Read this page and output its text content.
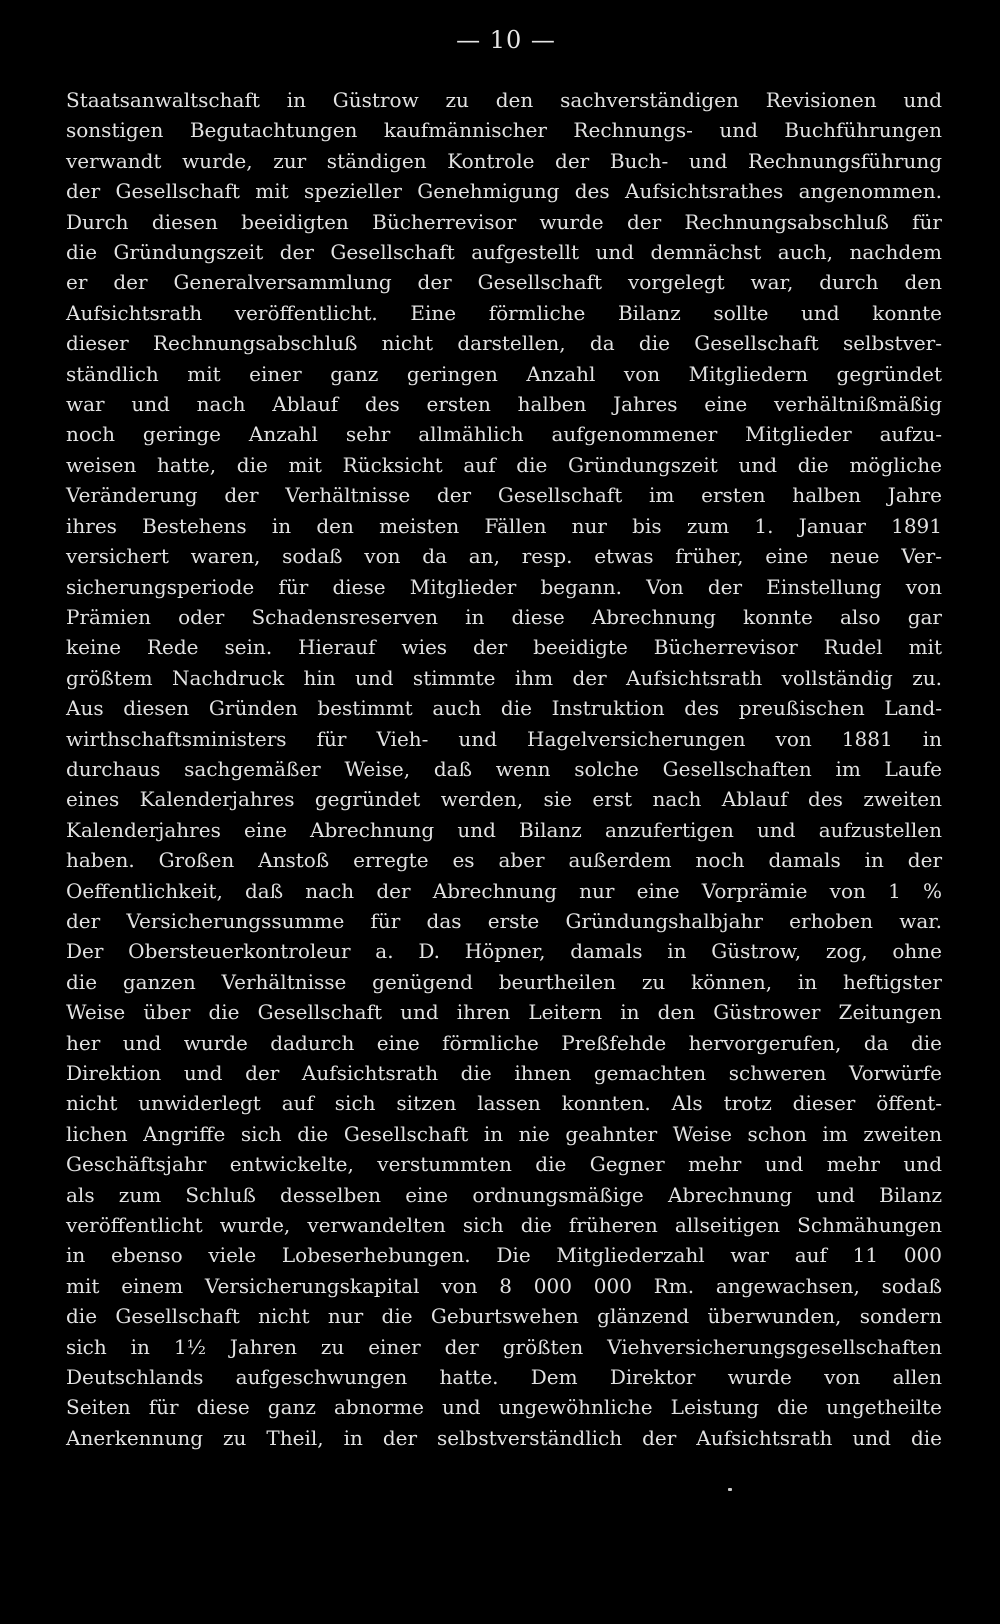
— 10 —
Staatsanwaltschaft in Güstrow zu den sachverständigen Revisionen und
sonstigen Begutachtungen kaufmännischer Rechnungs- und Buchführungen
verwandt wurde, zur ständigen Kontrole der Buch- und Rechnungsführung
der Gesellschaft mit spezieller Genehmigung des Aufsichtsrathes angenommen.
Durch diesen beeidigten Bücherrevisor wurde der Rechnungsabschluß für
die Gründungszeit der Gesellschaft aufgestellt und demnächst auch, nachdem
er der Generalversammlung der Gesellschaft vorgelegt war, durch den
Aufsichtsrath veröffentlicht. Eine förmliche Bilanz sollte und konnte
dieser Rechnungsabschluß nicht darstellen, da die Gesellschaft selbstver-
ständlich mit einer ganz geringen Anzahl von Mitgliedern gegründet
war und nach Ablauf des ersten halben Jahres eine verhältnißmäßig
noch geringe Anzahl sehr allmählich aufgenommener Mitglieder aufzu-
weisen hatte, die mit Rücksicht auf die Gründungszeit und die mögliche
Veränderung der Verhältnisse der Gesellschaft im ersten halben Jahre
ihres Bestehens in den meisten Fällen nur bis zum 1. Januar 1891
versichert waren, sodaß von da an, resp. etwas früher, eine neue Ver-
sicherungsperiode für diese Mitglieder begann. Von der Einstellung von
Prämien oder Schadensreserven in diese Abrechnung konnte also gar
keine Rede sein. Hierauf wies der beeidigte Bücherrevisor Rudel mit
größtem Nachdruck hin und stimmte ihm der Aufsichtsrath vollständig zu.
Aus diesen Gründen bestimmt auch die Instruktion des preußischen Land-
wirthschaftsministers für Vieh- und Hagelversicherungen von 1881 in
durchaus sachgemäßer Weise, daß wenn solche Gesellschaften im Laufe
eines Kalenderjahres gegründet werden, sie erst nach Ablauf des zweiten
Kalenderjahres eine Abrechnung und Bilanz anzufertigen und aufzustellen
haben. Großen Anstoß erregte es aber außerdem noch damals in der
Oeffentlichkeit, daß nach der Abrechnung nur eine Vorprämie von 1 %
der Versicherungssumme für das erste Gründungshalbjahr erhoben war.
Der Obersteuerkontroleur a. D. Höpner, damals in Güstrow, zog, ohne
die ganzen Verhältnisse genügend beurtheilen zu können, in heftigster
Weise über die Gesellschaft und ihren Leitern in den Güstrower Zeitungen
her und wurde dadurch eine förmliche Preßfehde hervorgerufen, da die
Direktion und der Aufsichtsrath die ihnen gemachten schweren Vorwürfe
nicht unwiderlegt auf sich sitzen lassen konnten. Als trotz dieser öffent-
lichen Angriffe sich die Gesellschaft in nie geahnter Weise schon im zweiten
Geschäftsjahr entwickelte, verstummten die Gegner mehr und mehr und
als zum Schluß desselben eine ordnungsmäßige Abrechnung und Bilanz
veröffentlicht wurde, verwandelten sich die früheren allseitigen Schmähungen
in ebenso viele Lobeserhebungen. Die Mitgliederzahl war auf 11 000
mit einem Versicherungskapital von 8 000 000 Rm. angewachsen, sodaß
die Gesellschaft nicht nur die Geburtswehen glänzend überwunden, sondern
sich in 1½ Jahren zu einer der größten Viehversicherungsgesellschaften
Deutschlands aufgeschwungen hatte. Dem Direktor wurde von allen
Seiten für diese ganz abnorme und ungewöhnliche Leistung die ungetheilte
Anerkennung zu Theil, in der selbstverständlich der Aufsichtsrath und die
